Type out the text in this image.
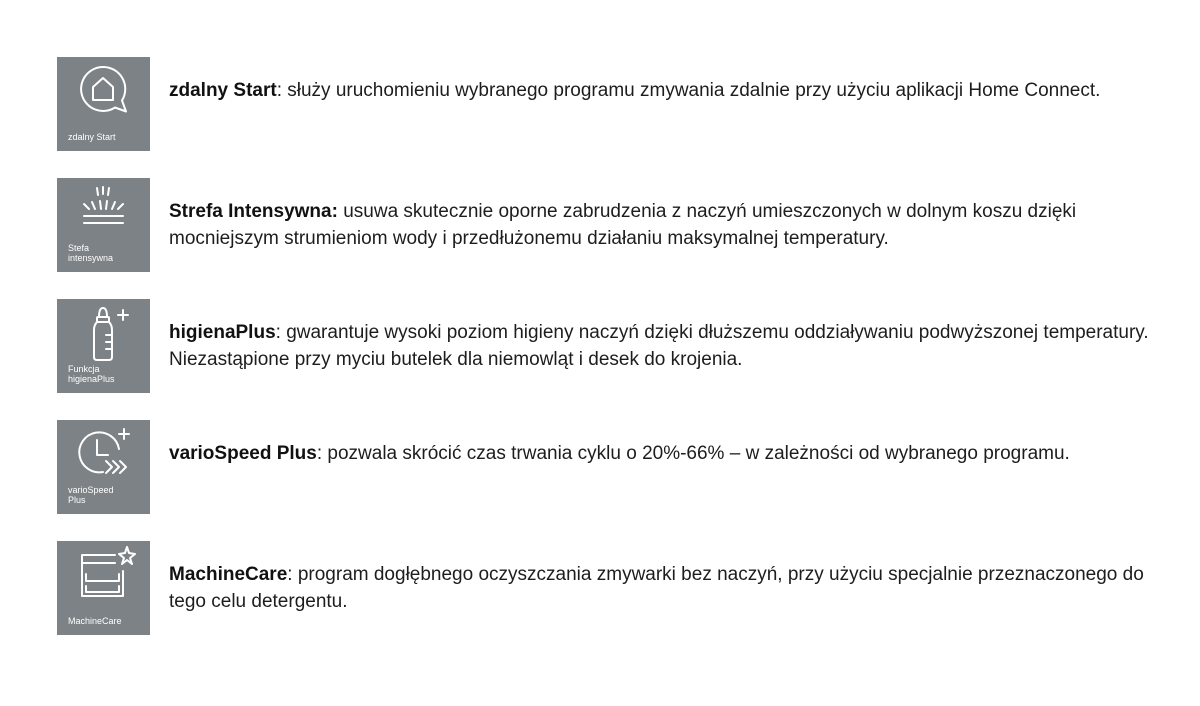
zdalny Start
zdalny Start: służy uruchomieniu wybranego programu zmywania zdalnie przy użyciu aplikacji Home Connect.
Stefa
intensywna
Strefa Intensywna: usuwa skutecznie oporne zabrudzenia z naczyń umieszczonych w dolnym koszu dzięki mocniejszym strumieniom wody i przedłużonemu działaniu maksymalnej temperatury.
Funkcja
higienaPlus
higienaPlus: gwarantuje wysoki poziom higieny naczyń dzięki dłuższemu oddziaływaniu podwyższonej temperatury. Niezastąpione przy myciu butelek dla niemowląt i desek do krojenia.
varioSpeed
Plus
varioSpeed Plus: pozwala skrócić czas trwania cyklu o 20%-66% – w zależności od wybranego programu.
MachineCare
MachineCare: program dogłębnego oczyszczania zmywarki bez naczyń, przy użyciu specjalnie przeznaczonego do tego celu detergentu.
